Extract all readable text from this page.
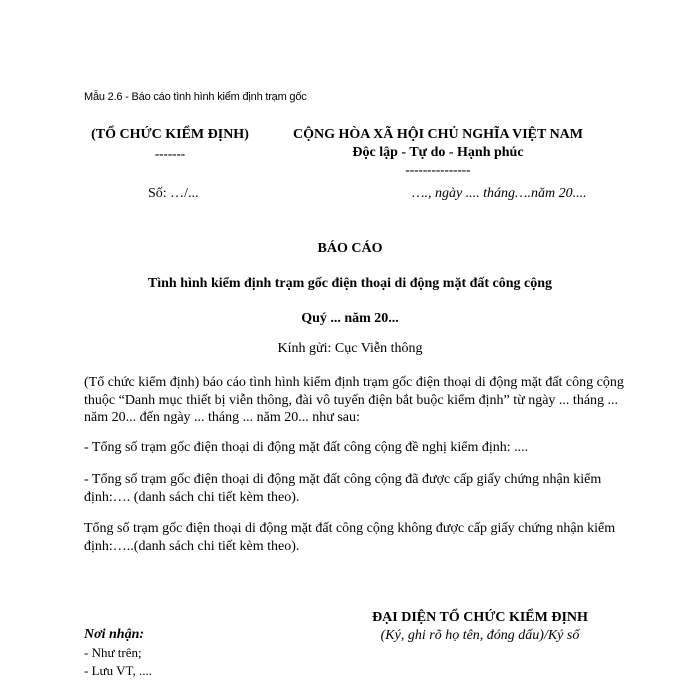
Mẫu 2.6 - Báo cáo tình hình kiểm định trạm gốc
(TỔ CHỨC KIỂM ĐỊNH)
-------
CỘNG HÒA XÃ HỘI CHỦ NGHĨA VIỆT NAM
Độc lập - Tự do - Hạnh phúc
---------------
Số: …/...	…., ngày .... tháng….năm 20....
BÁO CÁO
Tình hình kiểm định trạm gốc điện thoại di động mặt đất công cộng
Quý ... năm 20...
Kính gửi: Cục Viễn thông
(Tổ chức kiểm định) báo cáo tình hình kiểm định trạm gốc điện thoại di động mặt đất công cộng thuộc “Danh mục thiết bị viễn thông, đài vô tuyến điện bắt buộc kiểm định” từ ngày ... tháng ... năm 20... đến ngày ... tháng ... năm 20... như sau:
- Tổng số trạm gốc điện thoại di động mặt đất công cộng đề nghị kiểm định: ....
- Tổng số trạm gốc điện thoại di động mặt đất công cộng đã được cấp giấy chứng nhận kiểm định:…. (danh sách chi tiết kèm theo).
Tổng số trạm gốc điện thoại di động mặt đất công cộng không được cấp giấy chứng nhận kiểm định:…..(danh sách chi tiết kèm theo).
ĐẠI DIỆN TỔ CHỨC KIỂM ĐỊNH
(Ký, ghi rõ họ tên, đóng dấu)/Ký số
Nơi nhận:
- Như trên;
- Lưu VT, ....
